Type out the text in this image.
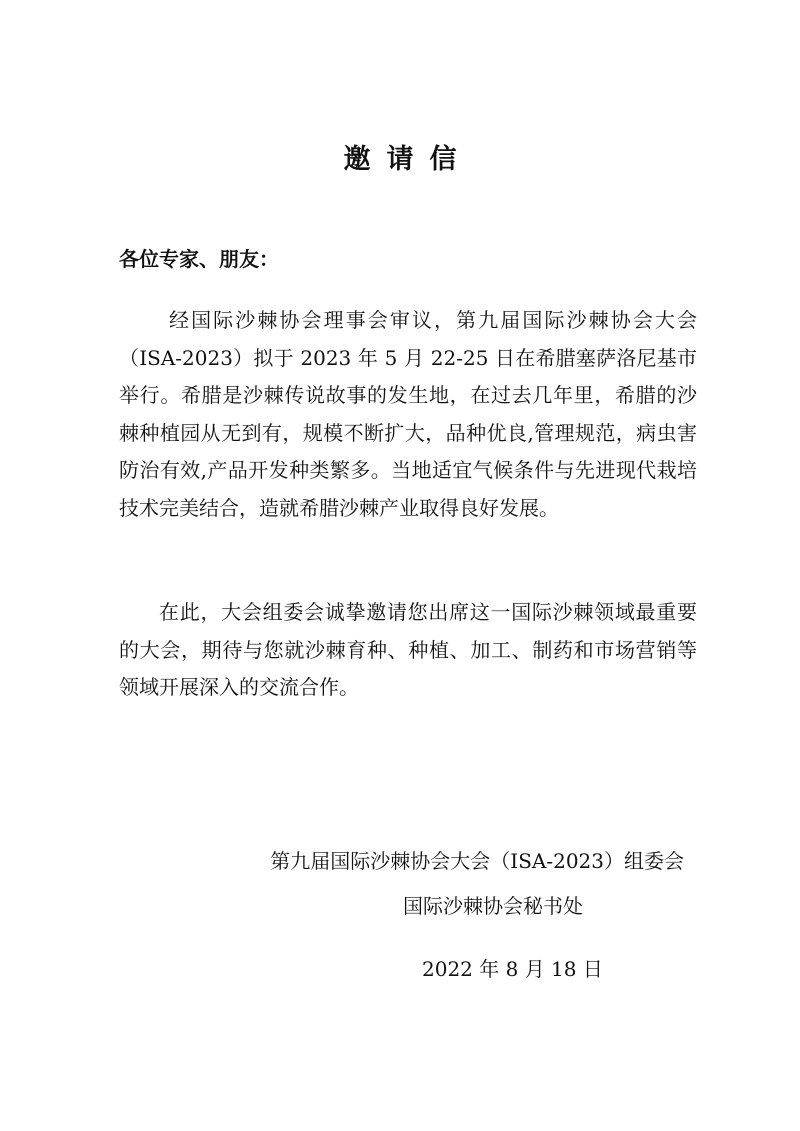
邀请信
各位专家、朋友：

经国际沙棘协会理事会审议，第九届国际沙棘协会大会（ISA-2023）拟于 2023 年 5 月 22-25 日在希腊塞萨洛尼基市举行。希腊是沙棘传说故事的发生地，在过去几年里，希腊的沙棘种植园从无到有，规模不断扩大，品种优良,管理规范，病虫害防治有效,产品开发种类繁多。当地适宜气候条件与先进现代栽培技术完美结合，造就希腊沙棘产业取得良好发展。

在此，大会组委会诚挚邀请您出席这一国际沙棘领域最重要的大会，期待与您就沙棘育种、种植、加工、制药和市场营销等领域开展深入的交流合作。

第九届国际沙棘协会大会（ISA-2023）组委会
国际沙棘协会秘书处
2022 年 8 月 18 日
